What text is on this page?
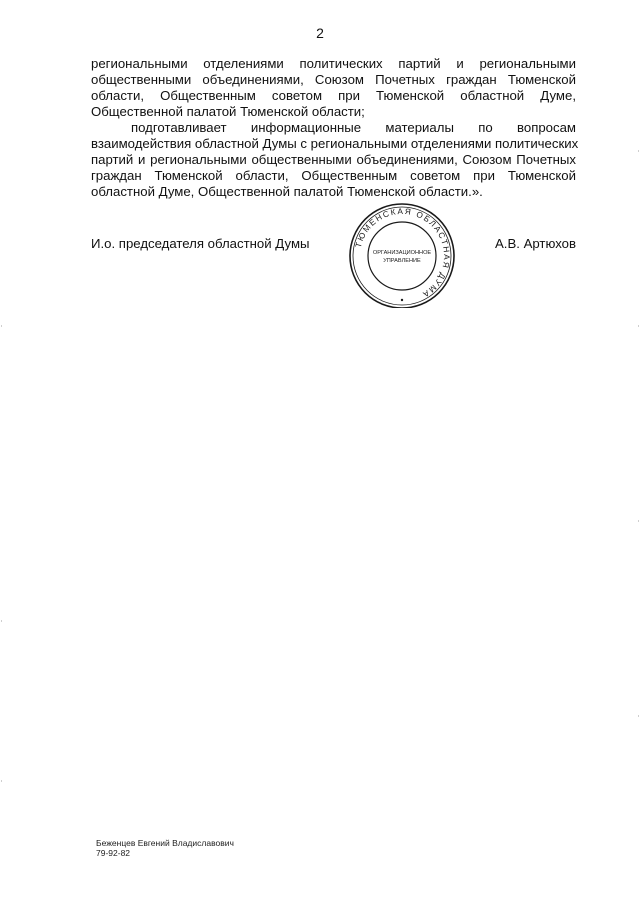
2

региональными отделениями политических партий и региональными
общественными объединениями, Союзом Почетных граждан Тюменской
области, Общественным советом при Тюменской областной Думе,
Общественной палатой Тюменской области;

подготавливает информационные материалы по вопросам
взаимодействия областной Думы с региональными отделениями политических
партий и региональными общественными объединениями, Союзом Почетных
граждан Тюменской области, Общественным советом при Тюменской
областной Думе, Общественной палатой Тюменской области.».

И.о. председателя областной Думы	ТЮМЕНСКАЯ ОБЛАСТНАЯ ДУМА
ОРГАНИЗАЦИОННОЕ
УПРАВЛЕНИЕ
А.В. Артюхов
Беженцев Евгений Владиславович
79-92-82
